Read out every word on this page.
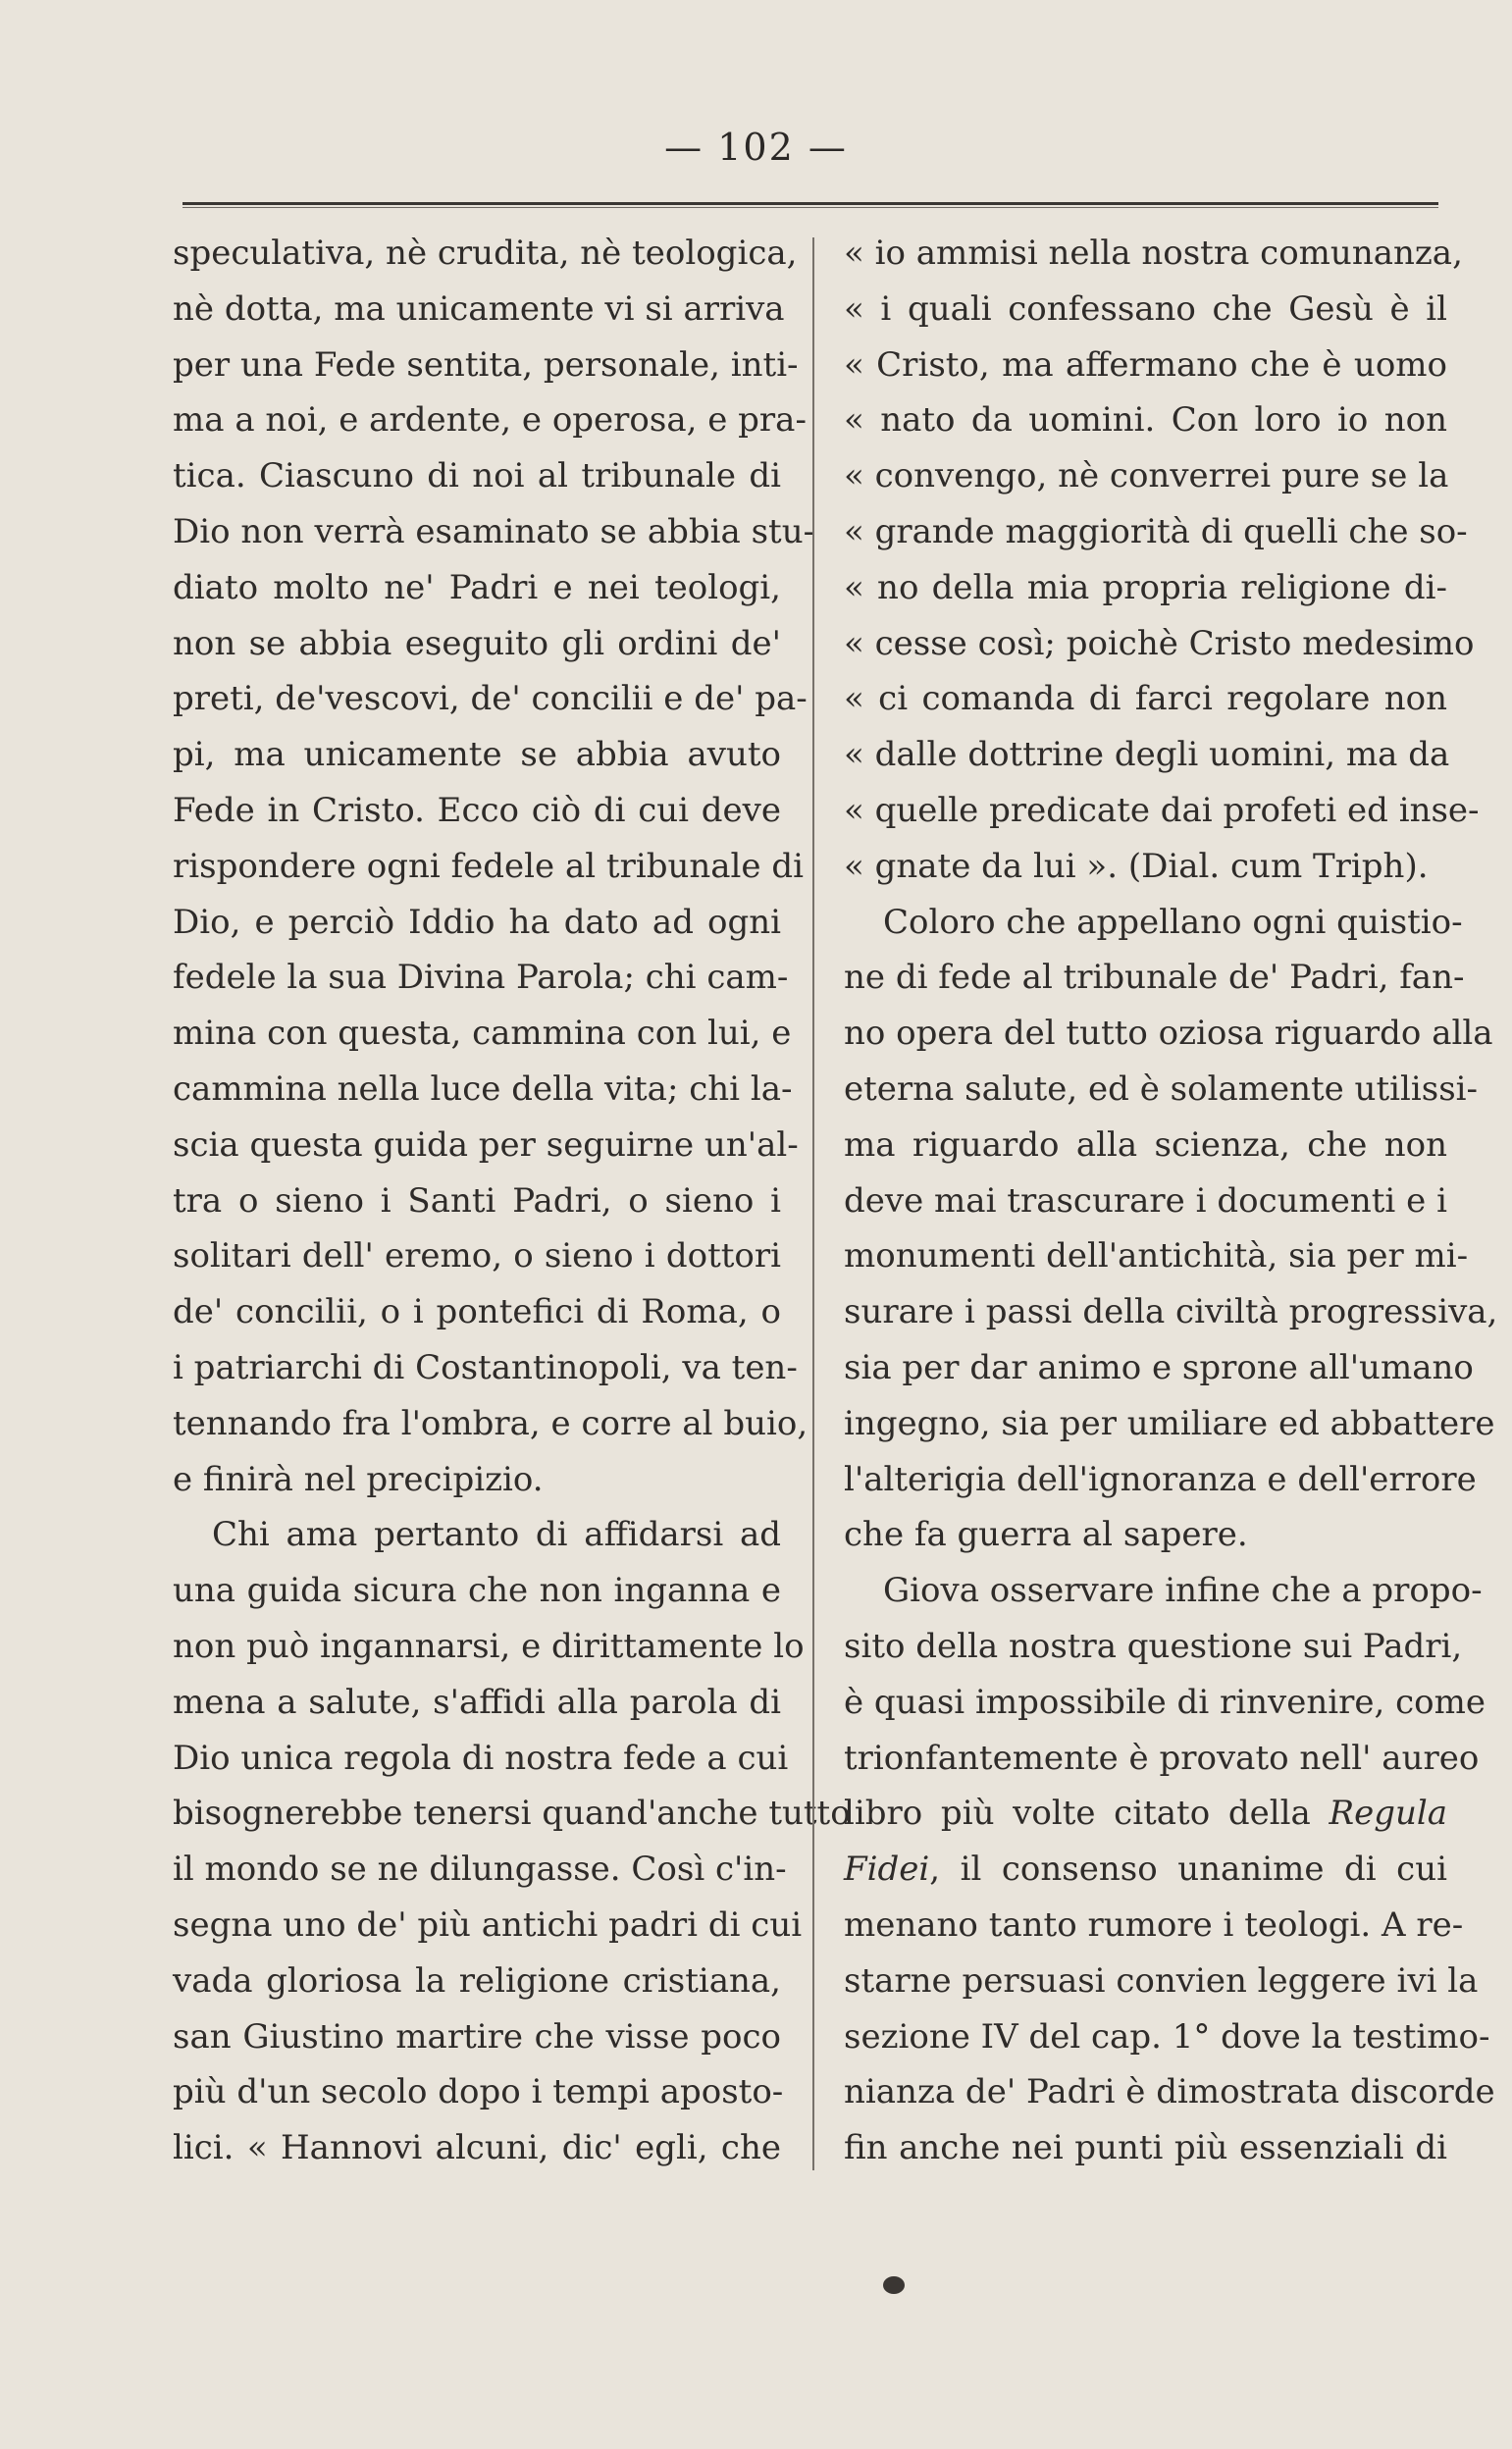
— 102 —
speculativa, nè crudita, nè teologica,
nè dotta, ma unicamente vi si arriva
per una Fede sentita, personale, inti-
ma a noi, e ardente, e operosa, e pra-
tica. Ciascuno di noi al tribunale di
Dio non verrà esaminato se abbia stu-
diato molto ne' Padri e nei teologi,
non se abbia eseguito gli ordini de'
preti, de'vescovi, de' concilii e de' pa-
pi, ma unicamente se abbia avuto
Fede in Cristo. Ecco ciò di cui deve
rispondere ogni fedele al tribunale di
Dio, e perciò Iddio ha dato ad ogni
fedele la sua Divina Parola; chi cam-
mina con questa, cammina con lui, e
cammina nella luce della vita; chi la-
scia questa guida per seguirne un'al-
tra o sieno i Santi Padri, o sieno i
solitari dell' eremo, o sieno i dottori
de' concilii, o i pontefici di Roma, o
i patriarchi di Costantinopoli, va ten-
tennando fra l'ombra, e corre al buio,
e finirà nel precipizio.
Chi ama pertanto di affidarsi ad
una guida sicura che non inganna e
non può ingannarsi, e dirittamente lo
mena a salute, s'affidi alla parola di
Dio unica regola di nostra fede a cui
bisognerebbe tenersi quand'anche tutto
il mondo se ne dilungasse. Così c'in-
segna uno de' più antichi padri di cui
vada gloriosa la religione cristiana,
san Giustino martire che visse poco
più d'un secolo dopo i tempi aposto-
lici. « Hannovi alcuni, dic' egli, che
« io ammisi nella nostra comunanza,
« i quali confessano che Gesù è il
« Cristo, ma affermano che è uomo
« nato da uomini. Con loro io non
« convengo, nè converrei pure se la
« grande maggiorità di quelli che so-
« no della mia propria religione di-
« cesse così; poichè Cristo medesimo
« ci comanda di farci regolare non
« dalle dottrine degli uomini, ma da
« quelle predicate dai profeti ed inse-
« gnate da lui ». (Dial. cum Triph).
Coloro che appellano ogni quistio-
ne di fede al tribunale de' Padri, fan-
no opera del tutto oziosa riguardo alla
eterna salute, ed è solamente utilissi-
ma riguardo alla scienza, che non
deve mai trascurare i documenti e i
monumenti dell'antichità, sia per mi-
surare i passi della civiltà progressiva,
sia per dar animo e sprone all'umano
ingegno, sia per umiliare ed abbattere
l'alterigia dell'ignoranza e dell'errore
che fa guerra al sapere.
Giova osservare infine che a propo-
sito della nostra questione sui Padri,
è quasi impossibile di rinvenire, come
trionfantemente è provato nell' aureo
libro più volte citato della Regula
Fidei, il consenso unanime di cui
menano tanto rumore i teologi. A re-
starne persuasi convien leggere ivi la
sezione IV del cap. 1° dove la testimo-
nianza de' Padri è dimostrata discorde
fin anche nei punti più essenziali di
